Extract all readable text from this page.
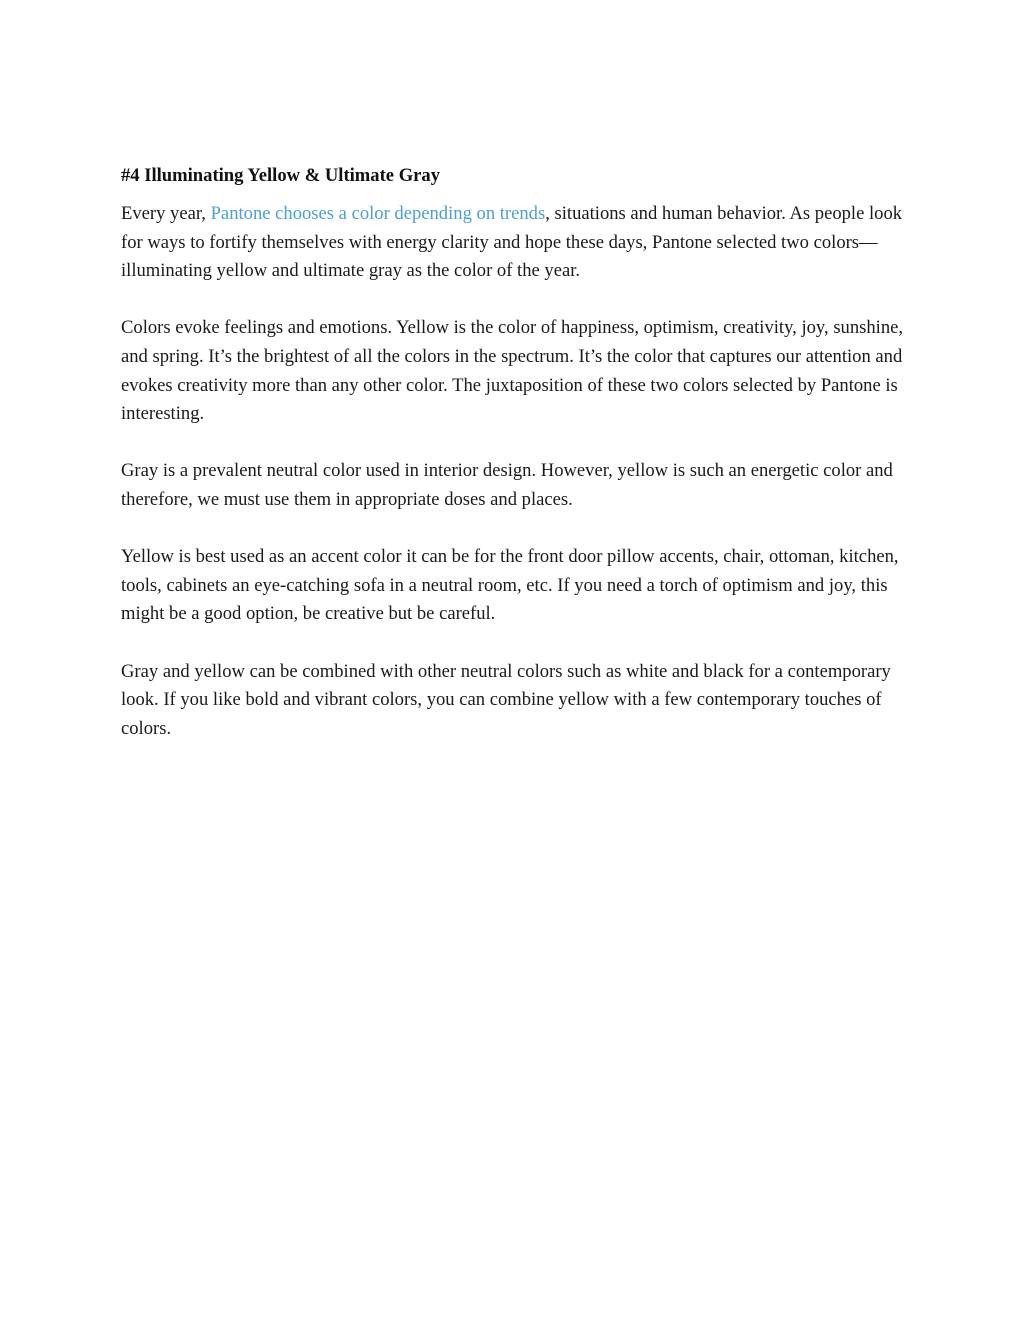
#4 Illuminating Yellow & Ultimate Gray

Every year, Pantone chooses a color depending on trends, situations and human behavior. As people look for ways to fortify themselves with energy clarity and hope these days, Pantone selected two colors—illuminating yellow and ultimate gray as the color of the year.

Colors evoke feelings and emotions. Yellow is the color of happiness, optimism, creativity, joy, sunshine, and spring. It’s the brightest of all the colors in the spectrum. It’s the color that captures our attention and evokes creativity more than any other color. The juxtaposition of these two colors selected by Pantone is interesting.

Gray is a prevalent neutral color used in interior design. However, yellow is such an energetic color and therefore, we must use them in appropriate doses and places.

Yellow is best used as an accent color it can be for the front door pillow accents, chair, ottoman, kitchen, tools, cabinets an eye-catching sofa in a neutral room, etc. If you need a torch of optimism and joy, this might be a good option, be creative but be careful.

Gray and yellow can be combined with other neutral colors such as white and black for a contemporary look. If you like bold and vibrant colors, you can combine yellow with a few contemporary touches of colors.
